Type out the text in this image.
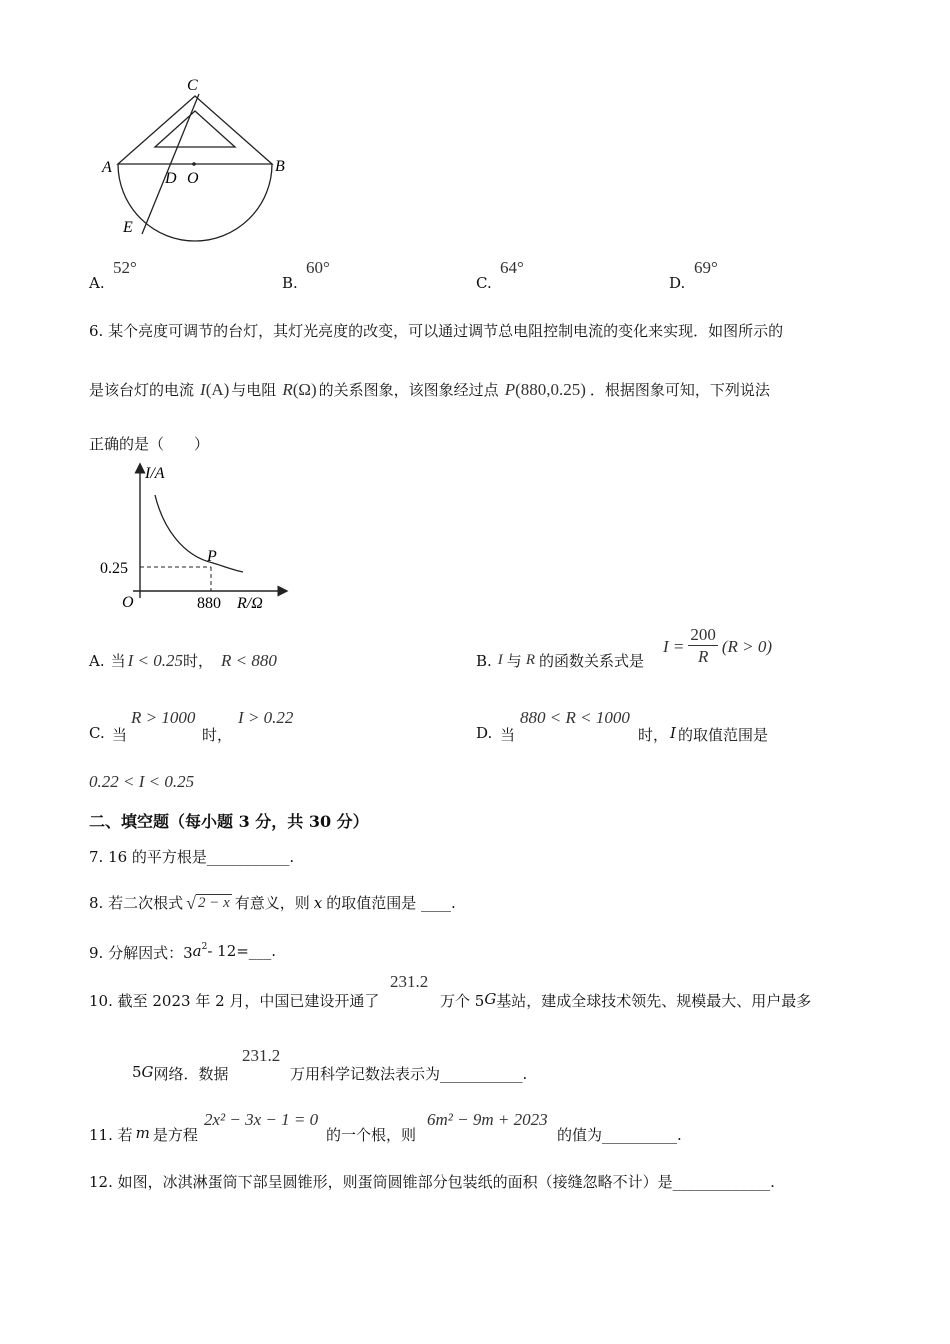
C
A	B
D O
E
A.
52°
B.
60°
C.
64°
D.
69°
6. 某个亮度可调节的台灯，其灯光亮度的改变，可以通过调节总电阻控制电流的变化来实现．如图所示的
是该台灯的电流 I (A) 与电阻 R (Ω) 的关系图象，该图象经过点 P (880,0.25) ．根据图象可知，下列说法
正确的是（　　）
I/A
R/Ω
O
P
0.25
880
A. 当 I < 0.25 时， R < 880	B. I 与 R 的函数关系式是
$I = \frac{200}{R} (R > 0)$
C. 当
R > 1000
时，
I > 0.22
D. 当
880 < R < 1000
时， I 的取值范围是
0.22 < I < 0.25
二、填空题（每小题 3 分，共 30 分）
7. 16 的平方根是___________.
8. 若二次根式 √ 2 − x 有意义，则 x 的取值范围是 ____.
9. 分解因式：3 a 2 - 12=___.
10. 截至 2023 年 2 月，中国已建设开通了
231.2
万个 5 G 基站，建成全球技术领先、规模最大、用户最多
5 G 网络．数据
231.2
万用科学记数法表示为___________.
11. 若 m 是方程
2x² − 3x − 1 = 0
的一个根，则
6m² − 9m + 2023
的值为__________.
12. 如图，冰淇淋蛋筒下部呈圆锥形，则蛋筒圆锥部分包装纸的面积（接缝忽略不计）是_____________.
